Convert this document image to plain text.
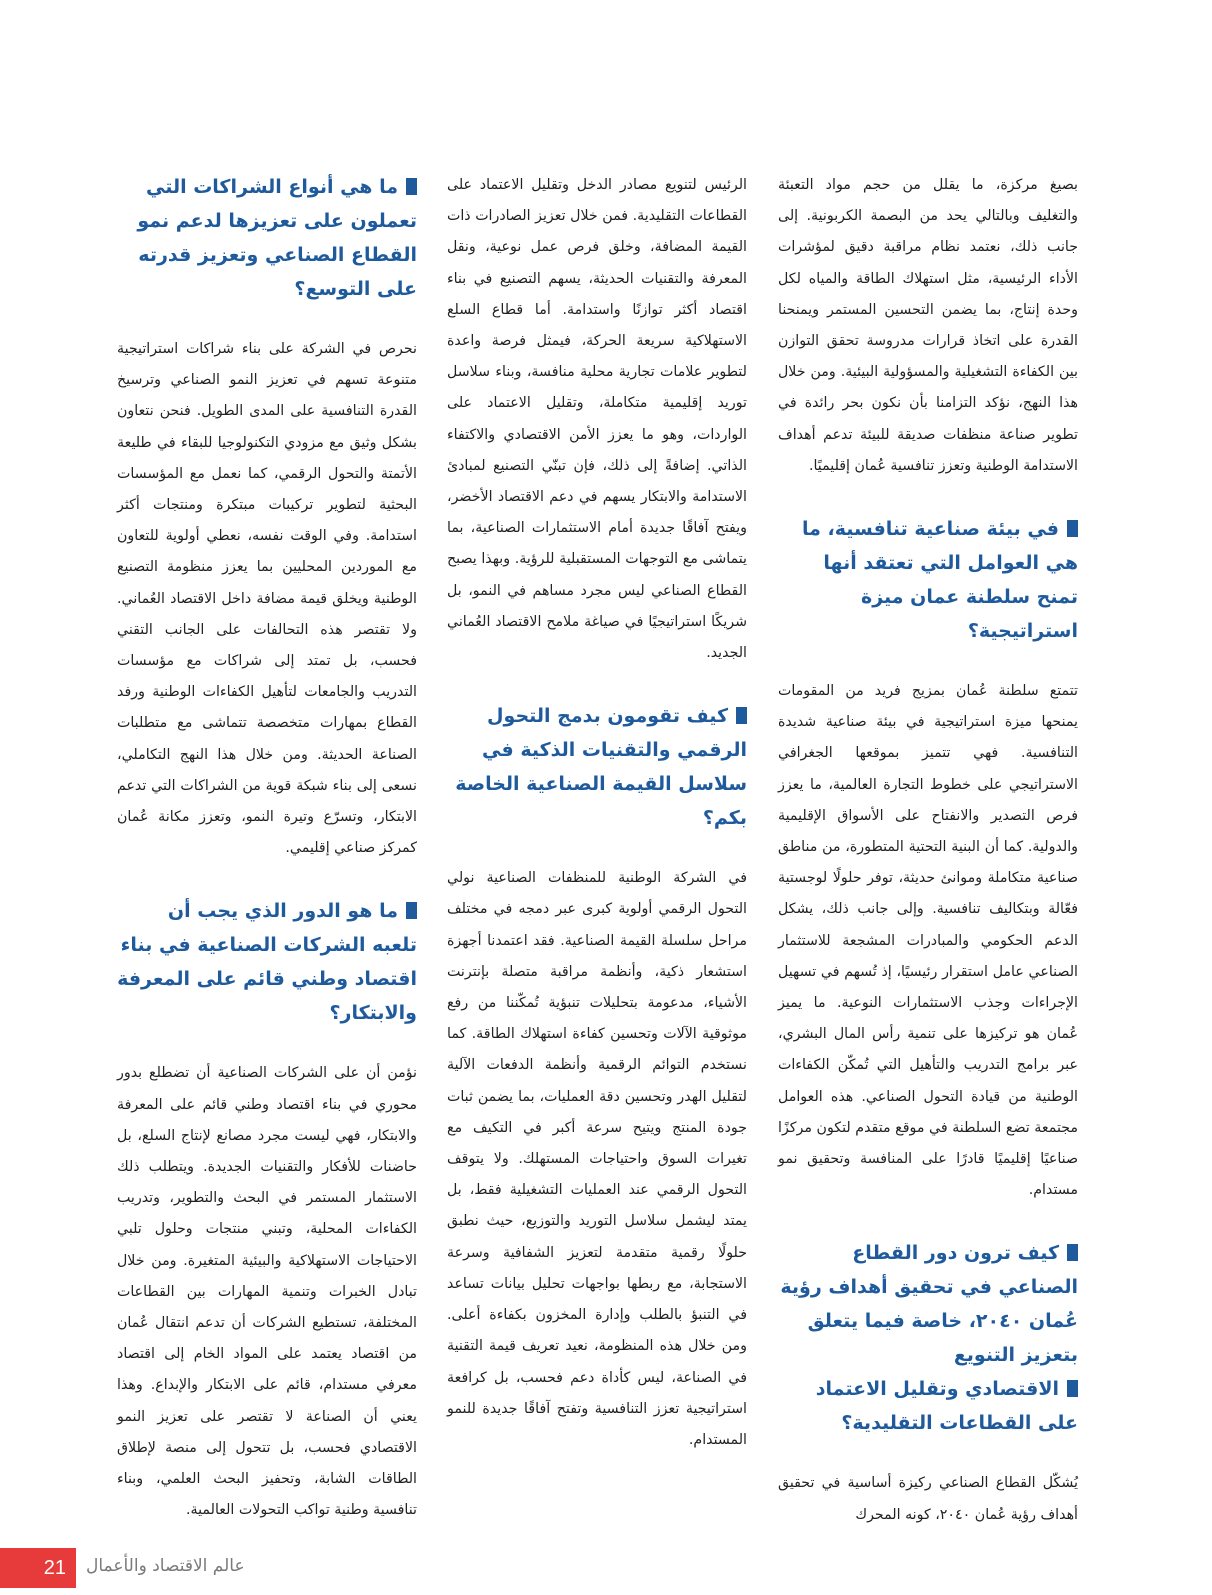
بصيغ مركزة، ما يقلل من حجم مواد التعبئة والتغليف وبالتالي يحد من البصمة الكربونية. إلى جانب ذلك، نعتمد نظام مراقبة دقيق لمؤشرات الأداء الرئيسية، مثل استهلاك الطاقة والمياه لكل وحدة إنتاج، بما يضمن التحسين المستمر ويمنحنا القدرة على اتخاذ قرارات مدروسة تحقق التوازن بين الكفاءة التشغيلية والمسؤولية البيئية. ومن خلال هذا النهج، نؤكد التزامنا بأن نكون بحر رائدة في تطوير صناعة منظفات صديقة للبيئة تدعم أهداف الاستدامة الوطنية وتعزز تنافسية عُمان إقليميًا.

في بيئة صناعية تنافسية، ما هي العوامل التي تعتقد أنها تمنح سلطنة عمان ميزة استراتيجية؟

تتمتع سلطنة عُمان بمزيج فريد من المقومات يمنحها ميزة استراتيجية في بيئة صناعية شديدة التنافسية. فهي تتميز بموقعها الجغرافي الاستراتيجي على خطوط التجارة العالمية، ما يعزز فرص التصدير والانفتاح على الأسواق الإقليمية والدولية. كما أن البنية التحتية المتطورة، من مناطق صناعية متكاملة وموانئ حديثة، توفر حلولًا لوجستية فعّالة وبتكاليف تنافسية. وإلى جانب ذلك، يشكل الدعم الحكومي والمبادرات المشجعة للاستثمار الصناعي عامل استقرار رئيسيًا، إذ تُسهم في تسهيل الإجراءات وجذب الاستثمارات النوعية. ما يميز عُمان هو تركيزها على تنمية رأس المال البشري، عبر برامج التدريب والتأهيل التي تُمكّن الكفاءات الوطنية من قيادة التحول الصناعي. هذه العوامل مجتمعة تضع السلطنة في موقع متقدم لتكون مركزًا صناعيًا إقليميًا قادرًا على المنافسة وتحقيق نمو مستدام.

كيف ترون دور القطاع الصناعي في تحقيق أهداف رؤية عُمان ٢٠٤٠، خاصة فيما يتعلق بتعزيز التنويع
الاقتصادي وتقليل الاعتماد على القطاعات التقليدية؟

يُشكّل القطاع الصناعي ركيزة أساسية في تحقيق أهداف رؤية عُمان ٢٠٤٠، كونه المحرك

الرئيس لتنويع مصادر الدخل وتقليل الاعتماد على القطاعات التقليدية. فمن خلال تعزيز الصادرات ذات القيمة المضافة، وخلق فرص عمل نوعية، ونقل المعرفة والتقنيات الحديثة، يسهم التصنيع في بناء اقتصاد أكثر توازنًا واستدامة. أما قطاع السلع الاستهلاكية سريعة الحركة، فيمثل فرصة واعدة لتطوير علامات تجارية محلية منافسة، وبناء سلاسل توريد إقليمية متكاملة، وتقليل الاعتماد على الواردات، وهو ما يعزز الأمن الاقتصادي والاكتفاء الذاتي. إضافةً إلى ذلك، فإن تبنّي التصنيع لمبادئ الاستدامة والابتكار يسهم في دعم الاقتصاد الأخضر، ويفتح آفاقًا جديدة أمام الاستثمارات الصناعية، بما يتماشى مع التوجهات المستقبلية للرؤية. وبهذا يصبح القطاع الصناعي ليس مجرد مساهم في النمو، بل شريكًا استراتيجيًا في صياغة ملامح الاقتصاد العُماني الجديد.

كيف تقومون بدمج التحول الرقمي والتقنيات الذكية في سلاسل القيمة الصناعية الخاصة بكم؟

في الشركة الوطنية للمنظفات الصناعية نولي التحول الرقمي أولوية كبرى عبر دمجه في مختلف مراحل سلسلة القيمة الصناعية. فقد اعتمدنا أجهزة استشعار ذكية، وأنظمة مراقبة متصلة بإنترنت الأشياء، مدعومة بتحليلات تنبؤية تُمكّننا من رفع موثوقية الآلات وتحسين كفاءة استهلاك الطاقة. كما نستخدم التوائم الرقمية وأنظمة الدفعات الآلية لتقليل الهدر وتحسين دقة العمليات، بما يضمن ثبات جودة المنتج ويتيح سرعة أكبر في التكيف مع تغيرات السوق واحتياجات المستهلك. ولا يتوقف التحول الرقمي عند العمليات التشغيلية فقط، بل يمتد ليشمل سلاسل التوريد والتوزيع، حيث نطبق حلولًا رقمية متقدمة لتعزيز الشفافية وسرعة الاستجابة، مع ربطها بواجهات تحليل بيانات تساعد في التنبؤ بالطلب وإدارة المخزون بكفاءة أعلى. ومن خلال هذه المنظومة، نعيد تعريف قيمة التقنية في الصناعة، ليس كأداة دعم فحسب، بل كرافعة استراتيجية تعزز التنافسية وتفتح آفاقًا جديدة للنمو المستدام.

ما هي أنواع الشراكات التي تعملون على تعزيزها لدعم نمو القطاع الصناعي وتعزيز قدرته على التوسع؟

نحرص في الشركة على بناء شراكات استراتيجية متنوعة تسهم في تعزيز النمو الصناعي وترسيخ القدرة التنافسية على المدى الطويل. فنحن نتعاون بشكل وثيق مع مزودي التكنولوجيا للبقاء في طليعة الأتمتة والتحول الرقمي، كما نعمل مع المؤسسات البحثية لتطوير تركيبات مبتكرة ومنتجات أكثر استدامة. وفي الوقت نفسه، نعطي أولوية للتعاون مع الموردين المحليين بما يعزز منظومة التصنيع الوطنية ويخلق قيمة مضافة داخل الاقتصاد العُماني. ولا تقتصر هذه التحالفات على الجانب التقني فحسب، بل تمتد إلى شراكات مع مؤسسات التدريب والجامعات لتأهيل الكفاءات الوطنية ورفد القطاع بمهارات متخصصة تتماشى مع متطلبات الصناعة الحديثة. ومن خلال هذا النهج التكاملي، نسعى إلى بناء شبكة قوية من الشراكات التي تدعم الابتكار، وتسرّع وتيرة النمو، وتعزز مكانة عُمان كمركز صناعي إقليمي.

ما هو الدور الذي يجب أن تلعبه الشركات الصناعية في بناء اقتصاد وطني قائم على المعرفة والابتكار؟

نؤمن أن على الشركات الصناعية أن تضطلع بدور محوري في بناء اقتصاد وطني قائم على المعرفة والابتكار، فهي ليست مجرد مصانع لإنتاج السلع، بل حاضنات للأفكار والتقنيات الجديدة. ويتطلب ذلك الاستثمار المستمر في البحث والتطوير، وتدريب الكفاءات المحلية، وتبني منتجات وحلول تلبي الاحتياجات الاستهلاكية والبيئية المتغيرة. ومن خلال تبادل الخبرات وتنمية المهارات بين القطاعات المختلفة، تستطيع الشركات أن تدعم انتقال عُمان من اقتصاد يعتمد على المواد الخام إلى اقتصاد معرفي مستدام، قائم على الابتكار والإبداع. وهذا يعني أن الصناعة لا تقتصر على تعزيز النمو الاقتصادي فحسب، بل تتحول إلى منصة لإطلاق الطاقات الشابة، وتحفيز البحث العلمي، وبناء تنافسية وطنية تواكب التحولات العالمية.

21	عالم الاقتصاد والأعمال
